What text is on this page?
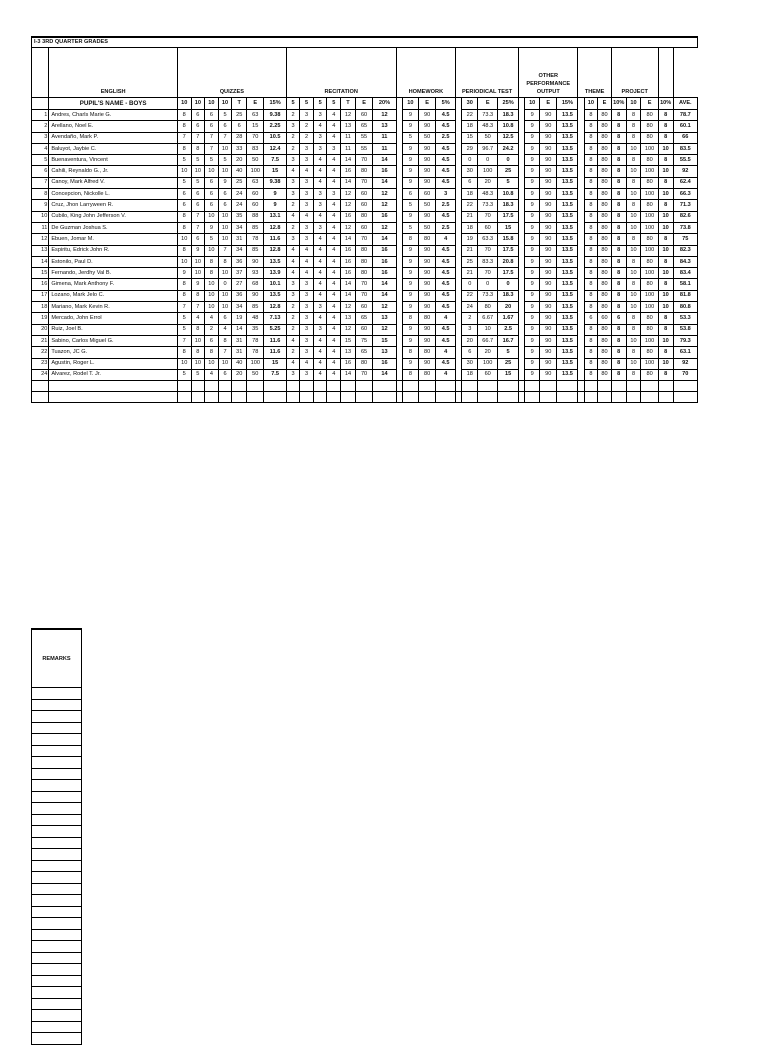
I-3 3RD QUARTER GRADES																																			
	ENGLISH	QUIZZES							RECITATION							HOMEWORK				PERIODICAL TEST				OTHER PERFORMANCE OUTPUT				THEME			PROJECT				
	PUPIL'S NAME - BOYS	10	10	10	10	T	E	15%	5	5	5	5	T	E	20%		10	E	5%		30	E	25%		10	E	15%		10	E	10%	10	E	10%	AVE.
1	Andres, Charls Marie G.	8	6	6	5	25	63	9.38	2	3	3	4	12	60	12		9	90	4.5		22	73.3	18.3		9	90	13.5		8	80	8	8	80	8	78.7
2	Arellano, Noel E.	8	6	6	6	6	15	2.25	3	2	4	4	13	65	13		9	90	4.5		18	48.3	10.8		9	90	13.5		8	80	8	8	80	8	60.1
3	Avendaño, Mark P.	7	7	7	7	28	70	10.5	2	2	3	4	11	55	11		5	50	2.5		15	50	12.5		9	90	13.5		8	80	8	8	80	8	66
4	Baluyot, Jaybie C.	8	8	7	10	33	83	12.4	2	3	3	3	11	55	11		9	90	4.5		29	96.7	24.2		9	90	13.5		8	80	8	10	100	10	83.5
5	Buenaventura, Vincent	5	5	5	5	20	50	7.5	3	3	4	4	14	70	14		9	90	4.5		0	0	0		9	90	13.5		8	80	8	8	80	8	55.5
6	Cahili, Reynaldo G., Jr.	10	10	10	10	40	100	15	4	4	4	4	16	80	16		9	90	4.5		30	100	25		9	90	13.5		8	80	8	10	100	10	92
7	Canoy, Mark Alfred V.	5	5	6	9	25	63	9.38	3	3	4	4	14	70	14		9	90	4.5		6	20	5		9	90	13.5		8	80	8	8	80	8	62.4
8	Concepcion, Nickolle L.	6	6	6	6	24	60	9	3	3	3	3	12	60	12		6	60	3		18	48.3	10.8		9	90	13.5		8	80	8	10	100	10	66.3
9	Cruz, Jhon Larryween R.	6	6	6	6	24	60	9	2	3	3	4	12	60	12		5	50	2.5		22	73.3	18.3		9	90	13.5		8	80	8	8	80	8	71.3
10	Cubilo, King John Jefferson V.	8	7	10	10	35	88	13.1	4	4	4	4	16	80	16		9	90	4.5		21	70	17.5		9	90	13.5		8	80	8	10	100	10	82.6
11	De Guzman Joshua S.	8	7	9	10	34	85	12.8	2	3	3	4	12	60	12		5	50	2.5		18	60	15		9	90	13.5		8	80	8	10	100	10	73.8
12	Ebuen, Jomar M.	10	6	5	10	31	78	11.6	3	3	4	4	14	70	14		8	80	4		19	63.3	15.8		9	90	13.5		8	80	8	8	80	8	75
13	Espiritu, Edrick John R.	8	9	10	7	34	85	12.8	4	4	4	4	16	80	16		9	90	4.5		21	70	17.5		9	90	13.5		8	80	8	10	100	10	82.3
14	Estonilo, Paul D.	10	10	8	8	36	90	13.5	4	4	4	4	16	80	16		9	90	4.5		25	83.3	20.8		9	90	13.5		8	80	8	8	80	8	84.3
15	Fernando, Jerdhy Val B.	9	10	8	10	37	93	13.9	4	4	4	4	16	80	16		9	90	4.5		21	70	17.5		9	90	13.5		8	80	8	10	100	10	83.4
16	Gimena, Mark Anthony F.	8	9	10	0	27	68	10.1	3	3	4	4	14	70	14		9	90	4.5		0	0	0		9	90	13.5		8	80	8	8	80	8	58.1
17	Lozano, Mark Jelo C.	8	8	10	10	36	90	13.5	3	3	4	4	14	70	14		9	90	4.5		22	73.3	18.3		9	90	13.5		8	80	8	10	100	10	81.8
18	Mariano, Mark Kevin R.	7	7	10	10	34	85	12.8	2	3	3	4	12	60	12		9	90	4.5		24	80	20		9	90	13.5		8	80	8	10	100	10	80.8
19	Mercado, John Errol	5	4	4	6	19	48	7.13	2	3	4	4	13	65	13		8	80	4		2	6.67	1.67		9	90	13.5		6	60	6	8	80	8	53.3
20	Ruiz, Joel B.	5	8	2	4	14	35	5.25	2	3	3	4	12	60	12		9	90	4.5		3	10	2.5		9	90	13.5		8	80	8	8	80	8	53.8
21	Sabino, Carlos Miguel G.	7	10	6	8	31	78	11.6	4	3	4	4	15	75	15		9	90	4.5		20	66.7	16.7		9	90	13.5		8	80	8	10	100	10	79.3
22	Tuazon, JC G.	8	8	8	7	31	78	11.6	2	3	4	4	13	65	13		8	80	4		6	20	5		9	90	13.5		8	80	8	8	80	8	63.1
23	Agustin, Roger L.	10	10	10	10	40	100	15	4	4	4	4	16	80	16		9	90	4.5		30	100	25		9	90	13.5		8	80	8	10	100	10	92
24	Alvarez, Rodel T. Jr.	5	5	4	6	20	50	7.5	3	3	4	4	14	70	14		8	80	4		18	60	15		9	90	13.5		8	80	8	8	80	8	70

REMARKS
